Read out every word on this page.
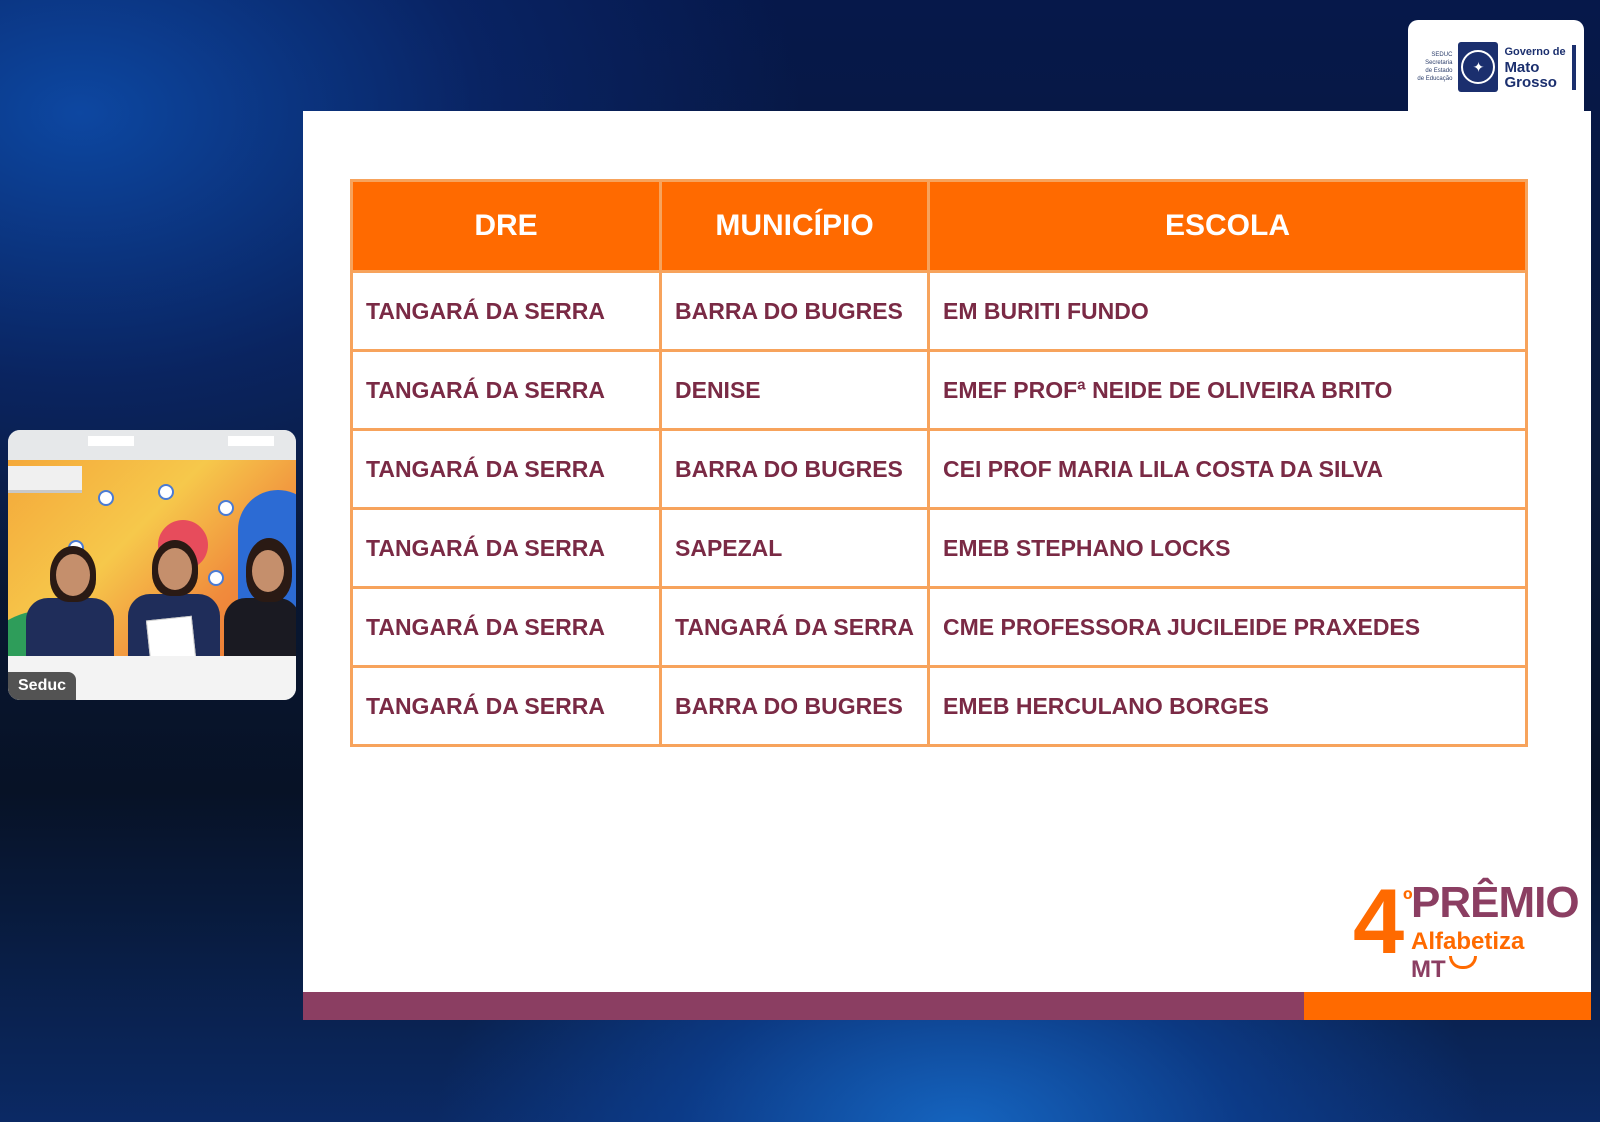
SEDUC
Secretaria
de Estado
de Educação
✦
Governo de
Mato
Grosso
DRE	MUNICÍPIO	ESCOLA
TANGARÁ DA SERRA	BARRA DO BUGRES	EM BURITI FUNDO
TANGARÁ DA SERRA	DENISE	EMEF PROFª NEIDE DE OLIVEIRA BRITO
TANGARÁ DA SERRA	BARRA DO BUGRES	CEI PROF MARIA LILA COSTA DA SILVA
TANGARÁ DA SERRA	SAPEZAL	EMEB STEPHANO LOCKS
TANGARÁ DA SERRA	TANGARÁ DA SERRA	CME PROFESSORA JUCILEIDE PRAXEDES
TANGARÁ DA SERRA	BARRA DO BUGRES	EMEB HERCULANO BORGES
4
º
PRÊMIO
Alfabetiza MT
Seduc
